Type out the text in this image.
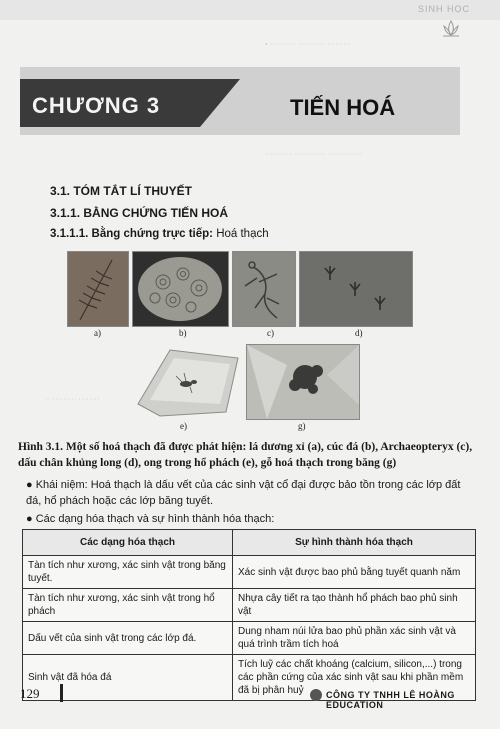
SINH HỌC
• ·········· ·········· ·········
·········· ············ ·············
·· ········· ········
CHƯƠNG 3	TIẾN HOÁ
3.1. TÓM TẮT LÍ THUYẾT
3.1.1. BẰNG CHỨNG TIẾN HOÁ
3.1.1.1. Bằng chứng trực tiếp: Hoá thạch
a)	b)	c)	d)
e)	g)
Hình 3.1. Một số hoá thạch đã được phát hiện: lá dương xỉ (a), cúc đá (b), Archaeopteryx (c), dấu chân khủng long (d), ong trong hổ phách (e), gỗ hoá thạch trong băng (g)
● Khái niệm: Hoá thạch là dấu vết của các sinh vật cổ đại được bảo tồn trong các lớp đất đá, hổ phách hoặc các lớp băng tuyết.
● Các dạng hóa thạch và sự hình thành hóa thạch:
Các dạng hóa thạch	Sự hình thành hóa thạch
Tàn tích như xương, xác sinh vật trong băng tuyết.	Xác sinh vật được bao phủ bằng tuyết quanh năm
Tàn tích như xương, xác sinh vật trong hổ phách	Nhựa cây tiết ra tạo thành hổ phách bao phủ sinh vật
Dấu vết của sinh vật trong các lớp đá.	Dung nham núi lửa bao phủ phần xác sinh vật và quá trình trầm tích hoá
Sinh vật đã hóa đá	Tích luỹ các chất khoáng (calcium, silicon,...) trong các phần cứng của xác sinh vật sau khi phần mềm đã bị phân huỷ
129	CÔNG TY TNHH LÊ HOÀNG EDUCATION
